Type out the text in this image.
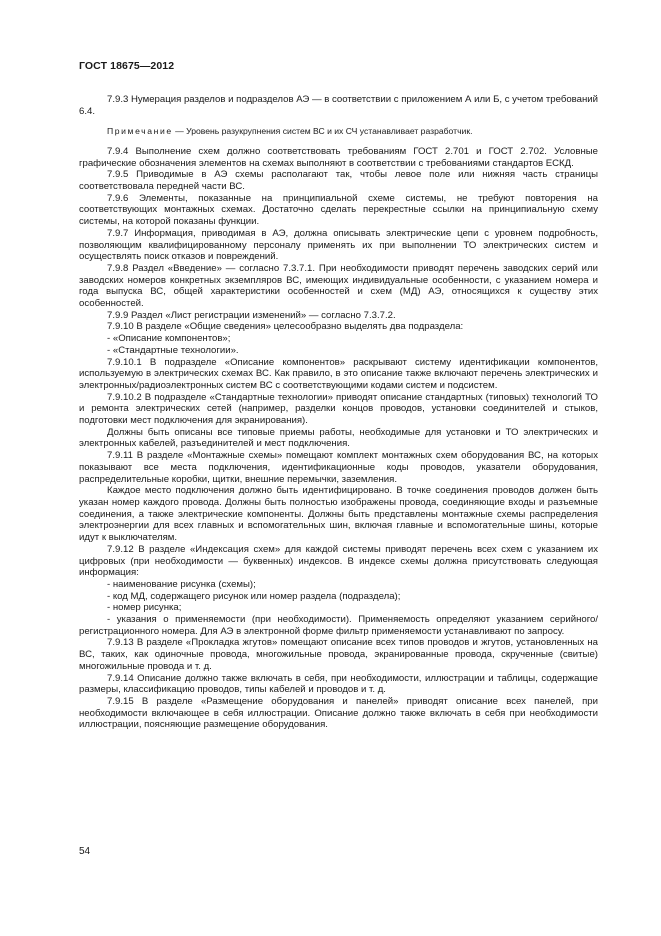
ГОСТ 18675—2012

7.9.3 Нумерация разделов и подразделов АЭ — в соответствии с приложением А или Б, с учетом требований 6.4.

Примечание — Уровень разукрупнения систем ВС и их СЧ устанавливает разработчик.

7.9.4 Выполнение схем должно соответствовать требованиям ГОСТ 2.701 и ГОСТ 2.702. Условные графические обозначения элементов на схемах выполняют в соответствии с требованиями стандартов ЕСКД.

7.9.5 Приводимые в АЭ схемы располагают так, чтобы левое поле или нижняя часть страницы соответствовала передней части ВС.

7.9.6 Элементы, показанные на принципиальной схеме системы, не требуют повторения на соответствующих монтажных схемах. Достаточно сделать перекрестные ссылки на принципиальную схему системы, на которой показаны функции.

7.9.7 Информация, приводимая в АЭ, должна описывать электрические цепи с уровнем подробность, позволяющим квалифицированному персоналу применять их при выполнении ТО электрических систем и осуществлять поиск отказов и повреждений.

7.9.8 Раздел «Введение» — согласно 7.3.7.1. При необходимости приводят перечень заводских серий или заводских номеров конкретных экземпляров ВС, имеющих индивидуальные особенности, с указанием номера и года выпуска ВС, общей характеристики особенностей и схем (МД) АЭ, относящихся к существу этих особенностей.

7.9.9 Раздел «Лист регистрации изменений» — согласно 7.3.7.2.

7.9.10 В разделе «Общие сведения» целесообразно выделять два подраздела:

- «Описание компонентов»;

- «Стандартные технологии».

7.9.10.1 В подразделе «Описание компонентов» раскрывают систему идентификации компонентов, используемую в электрических схемах ВС. Как правило, в это описание также включают перечень электрических и электронных/радиоэлектронных систем ВС с соответствующими кодами систем и подсистем.

7.9.10.2 В подразделе «Стандартные технологии» приводят описание стандартных (типовых) технологий ТО и ремонта электрических сетей (например, разделки концов проводов, установки соединителей и стыков, подготовки мест подключения для экранирования).

Должны быть описаны все типовые приемы работы, необходимые для установки и ТО электрических и электронных кабелей, разъединителей и мест подключения.

7.9.11 В разделе «Монтажные схемы» помещают комплект монтажных схем оборудования ВС, на которых показывают все места подключения, идентификационные коды проводов, указатели оборудования, распределительные коробки, щитки, внешние перемычки, заземления.

Каждое место подключения должно быть идентифицировано. В точке соединения проводов должен быть указан номер каждого провода. Должны быть полностью изображены провода, соединяющие входы и разъемные соединения, а также электрические компоненты. Должны быть представлены монтажные схемы распределения электроэнергии для всех главных и вспомогательных шин, включая главные и вспомогательные шины, которые идут к выключателям.

7.9.12 В разделе «Индексация схем» для каждой системы приводят перечень всех схем с указанием их цифровых (при необходимости — буквенных) индексов. В индексе схемы должна присутствовать следующая информация:

- наименование рисунка (схемы);

- код МД, содержащего рисунок или номер раздела (подраздела);

- номер рисунка;

- указания о применяемости (при необходимости). Применяемость определяют указанием серийного/регистрационного номера. Для АЭ в электронной форме фильтр применяемости устанавливают по запросу.

7.9.13 В разделе «Прокладка жгутов» помещают описание всех типов проводов и жгутов, установленных на ВС, таких, как одиночные провода, многожильные провода, экранированные провода, скрученные (свитые) многожильные провода и т. д.

7.9.14 Описание должно также включать в себя, при необходимости, иллюстрации и таблицы, содержащие размеры, классификацию проводов, типы кабелей и проводов и т. д.

7.9.15 В разделе «Размещение оборудования и панелей» приводят описание всех панелей, при необходимости включающее в себя иллюстрации. Описание должно также включать в себя при необходимости иллюстрации, поясняющие размещение оборудования.

54
